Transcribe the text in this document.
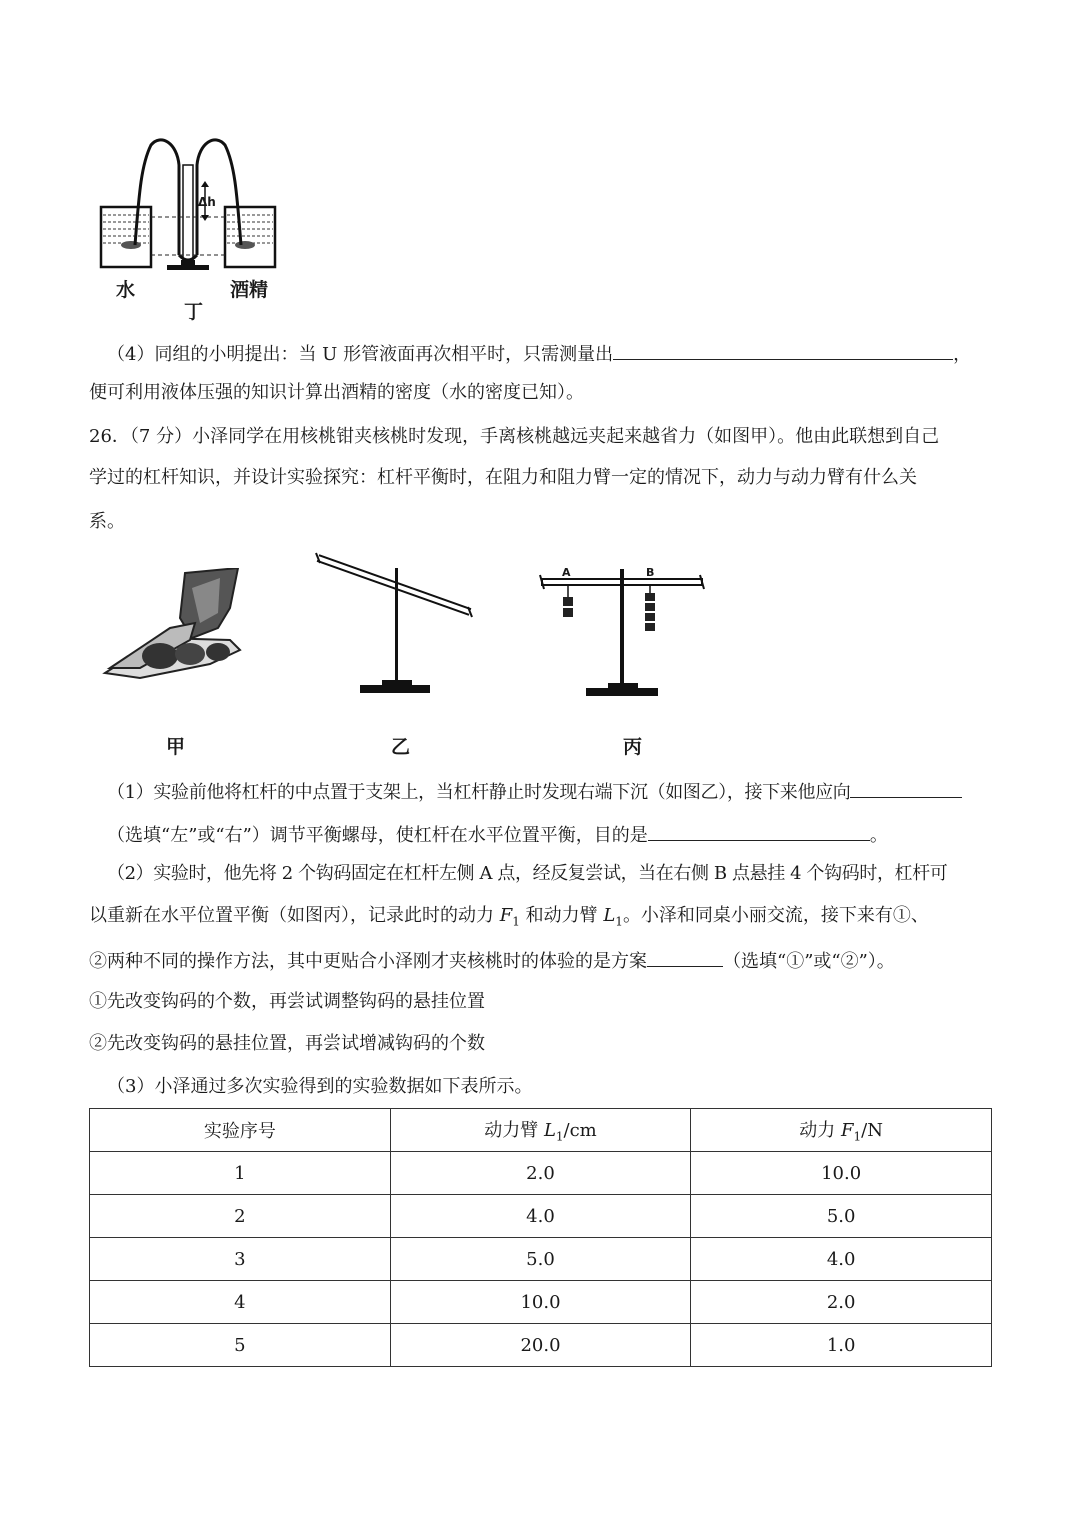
Δh
水	酒精
丁
（4）同组的小明提出：当 U 形管液面再次相平时，只需测量出	，
便可利用液体压强的知识计算出酒精的密度（水的密度已知）。
26．（7 分）小泽同学在用核桃钳夹核桃时发现，手离核桃越远夹起来越省力（如图甲）。他由此联想到自己
学过的杠杆知识，并设计实验探究：杠杆平衡时，在阻力和阻力臂一定的情况下，动力与动力臂有什么关
系。
A	B
甲	乙	丙
（1）实验前他将杠杆的中点置于支架上，当杠杆静止时发现右端下沉（如图乙），接下来他应向
（选填“左”或“右”）调节平衡螺母，使杠杆在水平位置平衡，目的是	。
（2）实验时，他先将 2 个钩码固定在杠杆左侧 A 点，经反复尝试，当在右侧 B 点悬挂 4 个钩码时，杠杆可
以重新在水平位置平衡（如图丙），记录此时的动力 $F_1$ 和动力臂 $L_1$。小泽和同桌小丽交流，接下来有①、
②两种不同的操作方法，其中更贴合小泽刚才夹核桃时的体验的是方案	（选填“①”或“②”）。
①先改变钩码的个数，再尝试调整钩码的悬挂位置
②先改变钩码的悬挂位置，再尝试增减钩码的个数
（3）小泽通过多次实验得到的实验数据如下表所示。
实验序号	动力臂 $L_1/cm$	动力 $F_1/N$
1	2.0	10.0
2	4.0	5.0
3	5.0	4.0
4	10.0	2.0
5	20.0	1.0
